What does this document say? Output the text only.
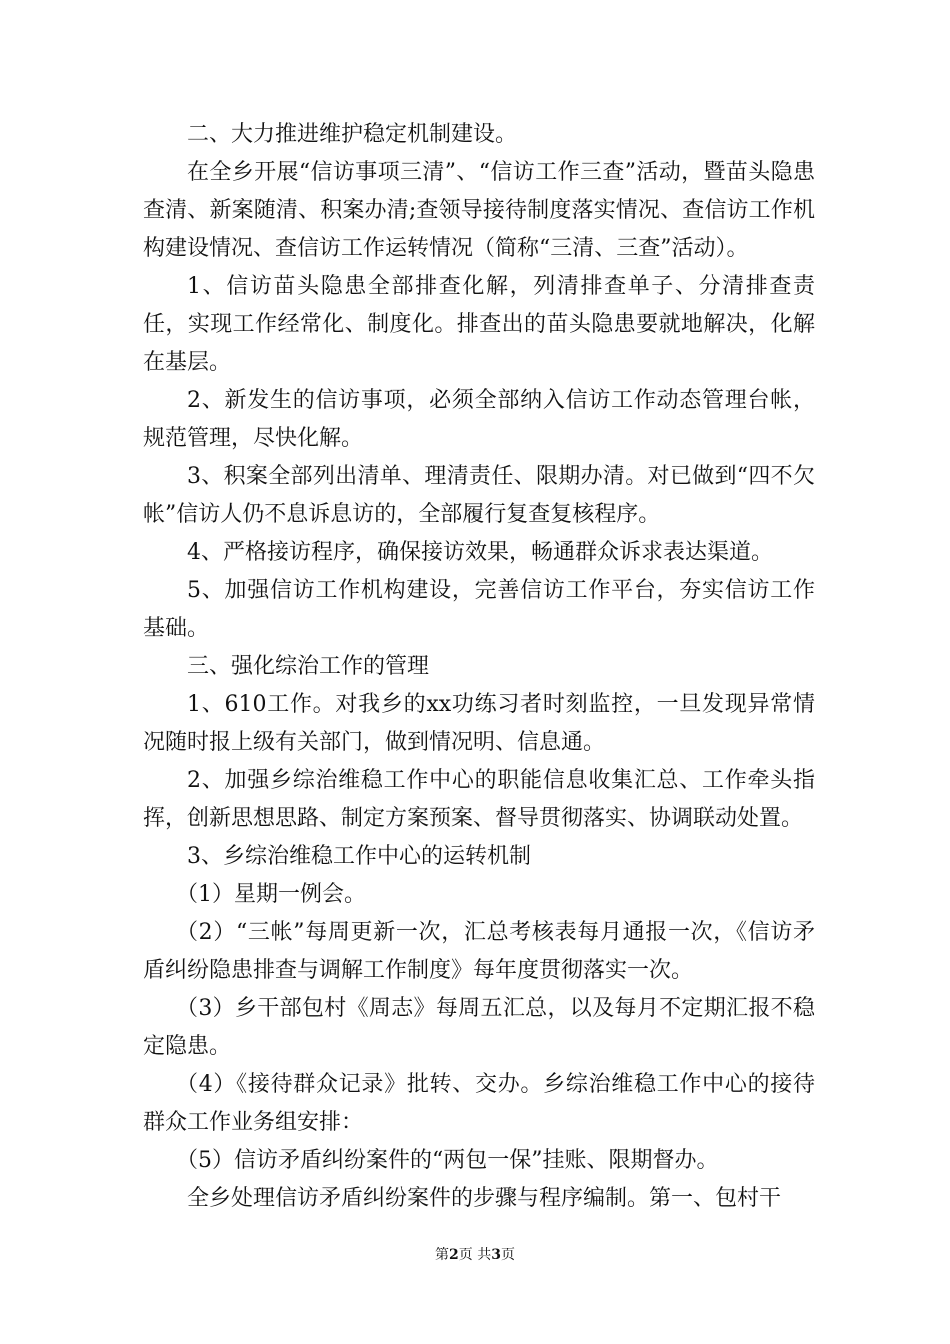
二、大力推进维护稳定机制建设。

在全乡开展“信访事项三清”、“信访工作三查”活动，暨苗头隐患查清、新案随清、积案办清;查领导接待制度落实情况、查信访工作机构建设情况、查信访工作运转情况（简称“三清、三查”活动）。

1、信访苗头隐患全部排查化解，列清排查单子、分清排查责任，实现工作经常化、制度化。排查出的苗头隐患要就地解决，化解在基层。

2、新发生的信访事项，必须全部纳入信访工作动态管理台帐，规范管理，尽快化解。

3、积案全部列出清单、理清责任、限期办清。对已做到“四不欠帐”信访人仍不息诉息访的，全部履行复查复核程序。

4、严格接访程序，确保接访效果，畅通群众诉求表达渠道。

5、加强信访工作机构建设，完善信访工作平台，夯实信访工作基础。

三、强化综治工作的管理

1、610工作。对我乡的xx功练习者时刻监控，一旦发现异常情况随时报上级有关部门，做到情况明、信息通。

2、加强乡综治维稳工作中心的职能信息收集汇总、工作牵头指挥，创新思想思路、制定方案预案、督导贯彻落实、协调联动处置。

3、乡综治维稳工作中心的运转机制

（1）星期一例会。

（2）“三帐”每周更新一次，汇总考核表每月通报一次，《信访矛盾纠纷隐患排查与调解工作制度》每年度贯彻落实一次。

（3）乡干部包村《周志》每周五汇总，以及每月不定期汇报不稳定隐患。

（4）《接待群众记录》批转、交办。乡综治维稳工作中心的接待群众工作业务组安排：

（5）信访矛盾纠纷案件的“两包一保”挂账、限期督办。

全乡处理信访矛盾纠纷案件的步骤与程序编制。第一、包村干

第2页 共3页
